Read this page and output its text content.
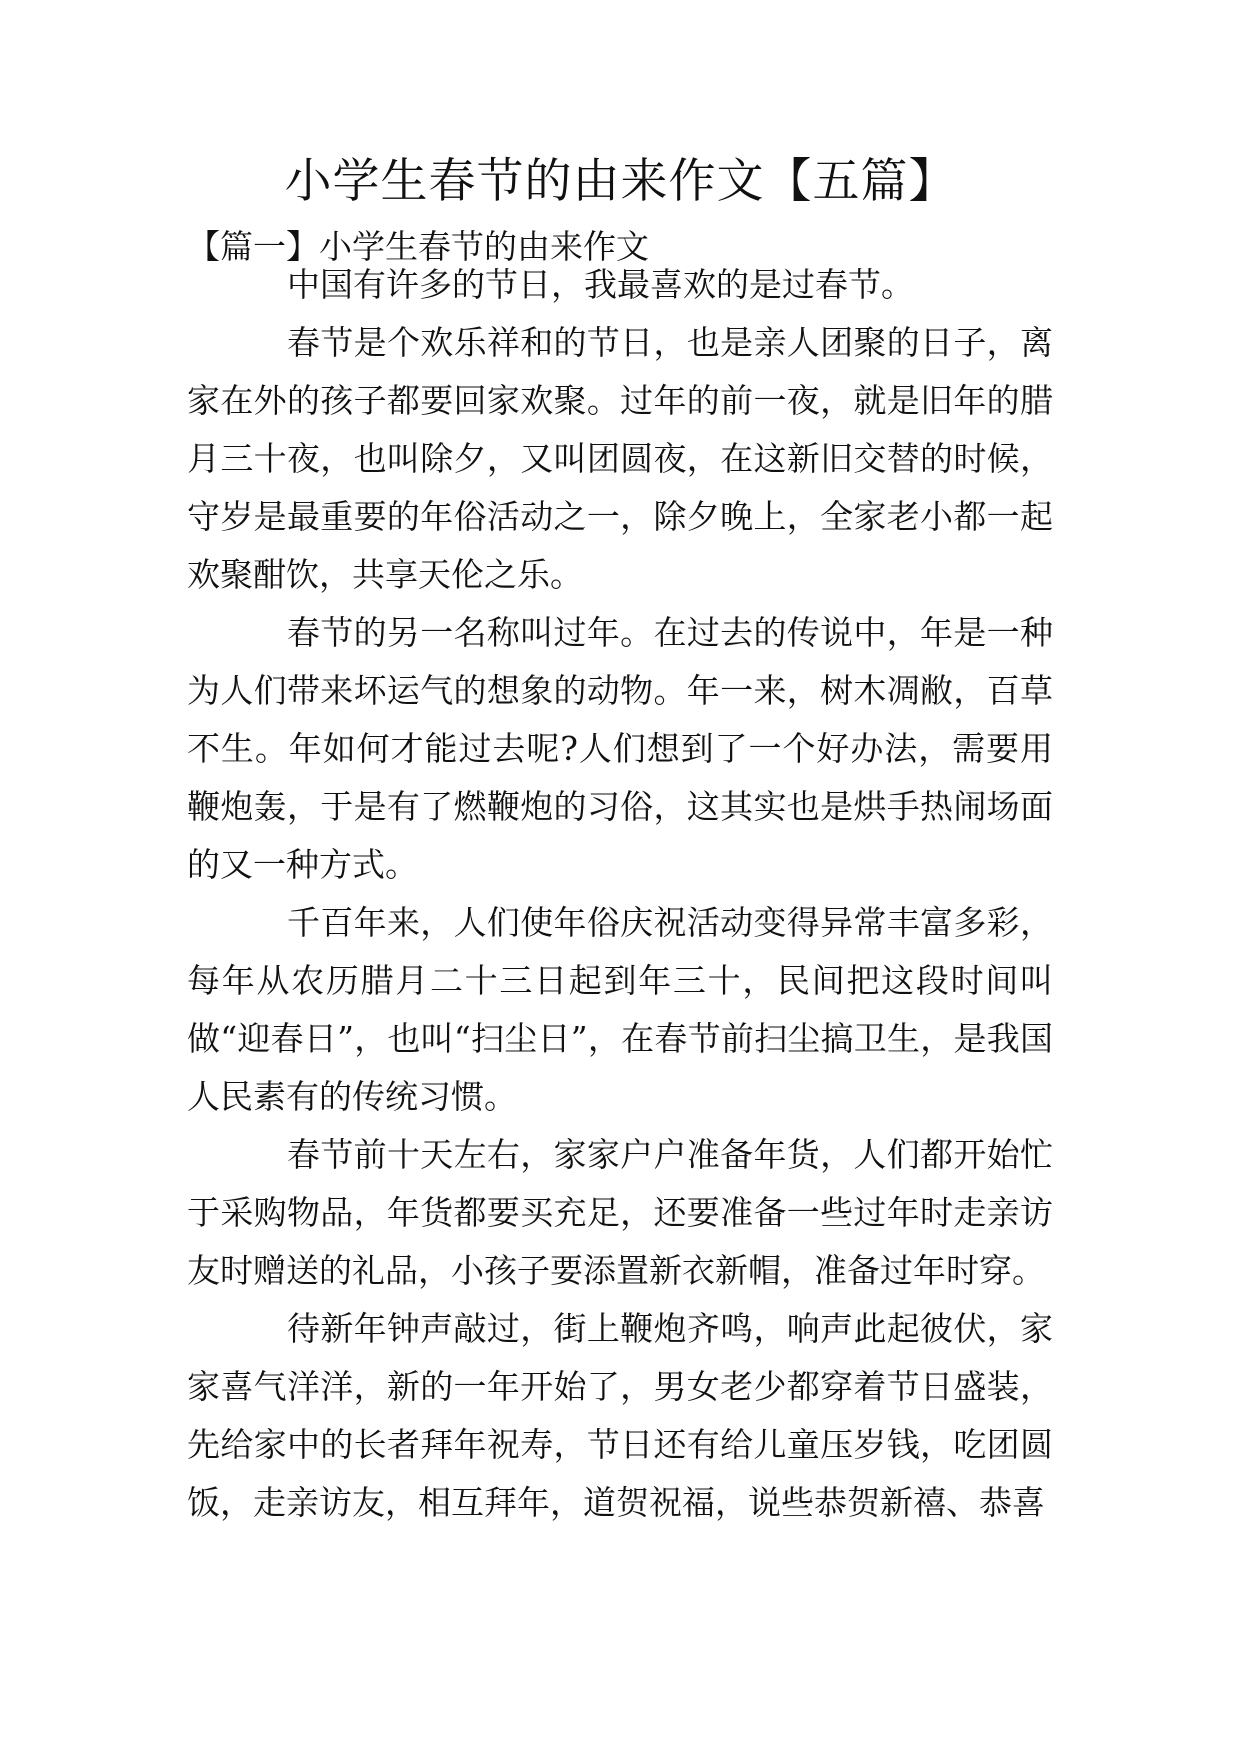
小学生春节的由来作文【五篇】
【篇一】小学生春节的由来作文

中国有许多的节日，我最喜欢的是过春节。

春节是个欢乐祥和的节日，也是亲人团聚的日子，离家在外的孩子都要回家欢聚。过年的前一夜，就是旧年的腊月三十夜，也叫除夕，又叫团圆夜，在这新旧交替的时候，守岁是最重要的年俗活动之一，除夕晚上，全家老小都一起欢聚酣饮，共享天伦之乐。

春节的另一名称叫过年。在过去的传说中，年是一种为人们带来坏运气的想象的动物。年一来，树木凋敝，百草不生。年如何才能过去呢?人们想到了一个好办法，需要用鞭炮轰，于是有了燃鞭炮的习俗，这其实也是烘手热闹场面的又一种方式。

千百年来，人们使年俗庆祝活动变得异常丰富多彩，每年从农历腊月二十三日起到年三十，民间把这段时间叫做“迎春日”，也叫“扫尘日”，在春节前扫尘搞卫生，是我国人民素有的传统习惯。

春节前十天左右，家家户户准备年货，人们都开始忙于采购物品，年货都要买充足，还要准备一些过年时走亲访友时赠送的礼品，小孩子要添置新衣新帽，准备过年时穿。

待新年钟声敲过，街上鞭炮齐鸣，响声此起彼伏，家家喜气洋洋，新的一年开始了，男女老少都穿着节日盛装，先给家中的长者拜年祝寿，节日还有给儿童压岁钱，吃团圆饭，走亲访友，相互拜年，道贺祝福，说些恭贺新禧、恭喜
